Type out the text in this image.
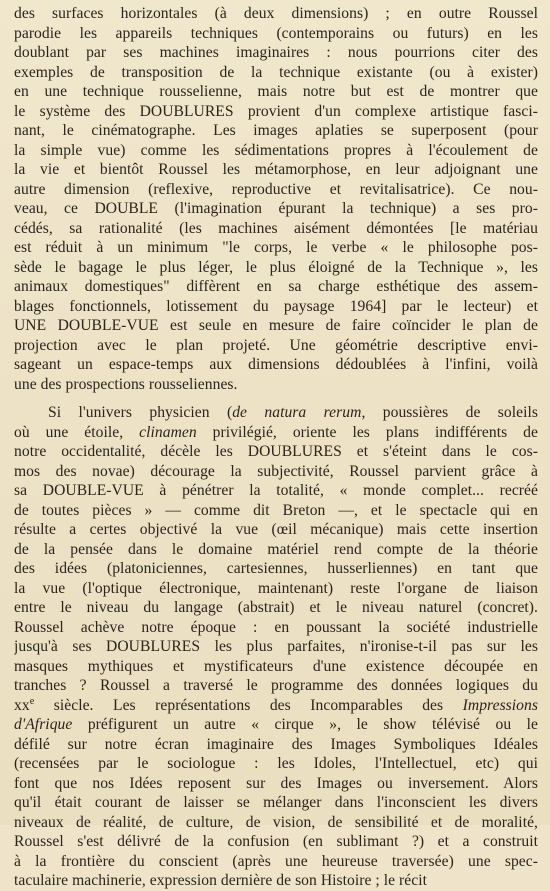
des surfaces horizontales (à deux dimensions) ; en outre Roussel
parodie les appareils techniques (contemporains ou futurs) en les
doublant par ses machines imaginaires : nous pourrions citer des
exemples de transposition de la technique existante (ou à exister)
en une technique rousselienne, mais notre but est de montrer que
le système des DOUBLURES provient d'un complexe artistique fasci-
nant, le cinématographe. Les images aplaties se superposent (pour
la simple vue) comme les sédimentations propres à l'écoulement de
la vie et bientôt Roussel les métamorphose, en leur adjoignant une
autre dimension (reflexive, reproductive et revitalisatrice). Ce nou-
veau, ce DOUBLE (l'imagination épurant la technique) a ses pro-
cédés, sa rationalité (les machines aisément démontées [le matériau
est réduit à un minimum "le corps, le verbe « le philosophe pos-
sède le bagage le plus léger, le plus éloigné de la Technique », les
animaux domestiques" diffèrent en sa charge esthétique des assem-
blages fonctionnels, lotissement du paysage 1964] par le lecteur) et
UNE DOUBLE-VUE est seule en mesure de faire coïncider le plan de
projection avec le plan projeté. Une géométrie descriptive envi-
sageant un espace-temps aux dimensions dédoublées à l'infini, voilà
une des prospections rousseliennes.
Si l'univers physicien (de natura rerum, poussières de soleils
où une étoile, clinamen privilégié, oriente les plans indifférents de
notre occidentalité, décèle les DOUBLURES et s'éteint dans le cos-
mos des novae) décourage la subjectivité, Roussel parvient grâce à
sa DOUBLE-VUE à pénétrer la totalité, « monde complet... recréé
de toutes pièces » — comme dit Breton —, et le spectacle qui en
résulte a certes objectivé la vue (œil mécanique) mais cette insertion
de la pensée dans le domaine matériel rend compte de la théorie
des idées (platoniciennes, cartesiennes, husserliennes) en tant que
la vue (l'optique électronique, maintenant) reste l'organe de liaison
entre le niveau du langage (abstrait) et le niveau naturel (concret).
Roussel achève notre époque : en poussant la société industrielle
jusqu'à ses DOUBLURES les plus parfaites, n'ironise-t-il pas sur les
masques mythiques et mystificateurs d'une existence découpée en
tranches ? Roussel a traversé le programme des données logiques du
$xx^e$ siècle. Les représentations des Incomparables des Impressions
d'Afrique préfigurent un autre « cirque », le show télévisé ou le
défilé sur notre écran imaginaire des Images Symboliques Idéales
(recensées par le sociologue : les Idoles, l'Intellectuel, etc) qui
font que nos Idées reposent sur des Images ou inversement. Alors
qu'il était courant de laisser se mélanger dans l'inconscient les divers
niveaux de réalité, de culture, de vision, de sensibilité et de moralité,
Roussel s'est délivré de la confusion (en sublimant ?) et a construit
à la frontière du conscient (après une heureuse traversée) une spec-
taculaire machinerie, expression dernière de son Histoire ; le récit
